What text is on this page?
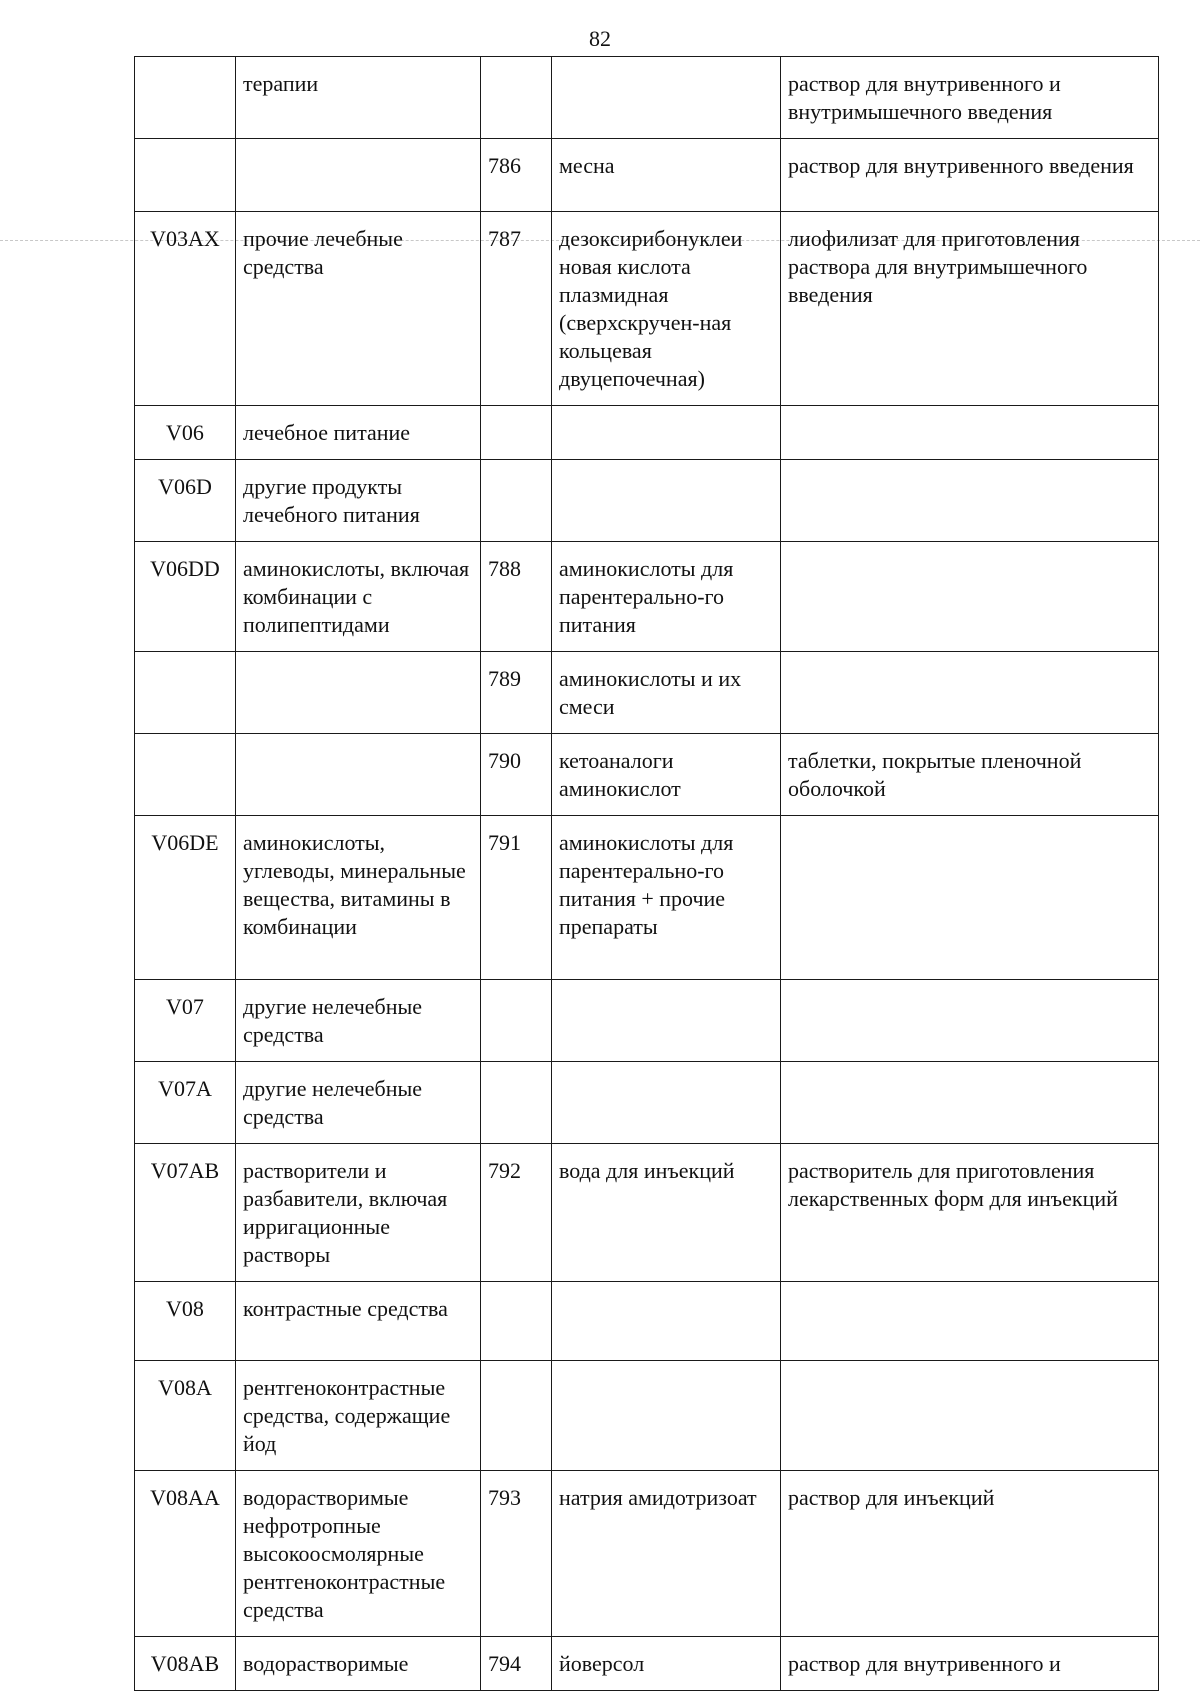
82
	терапии			раствор для внутривенного и внутримышечного введения
		786	месна	раствор для внутривенного введения
V03AX	прочие лечебные средства	787	дезоксирибонуклеи новая кислота плазмидная (сверхскручен-ная кольцевая двуцепочечная)	лиофилизат для приготовления раствора для внутримышечного введения
V06	лечебное питание			
V06D	другие продукты лечебного питания			
V06DD	аминокислоты, включая комбинации с полипептидами	788	аминокислоты для парентерально-го питания	
		789	аминокислоты и их смеси	
		790	кетоаналоги аминокислот	таблетки, покрытые пленочной оболочкой
V06DE	аминокислоты, углеводы, минеральные вещества, витамины в комбинации	791	аминокислоты для парентерально-го питания + прочие препараты	
V07	другие нелечебные средства			
V07A	другие нелечебные средства			
V07AB	растворители и разбавители, включая ирригационные растворы	792	вода для инъекций	растворитель для приготовления лекарственных форм для инъекций
V08	контрастные средства			
V08A	рентгеноконтрастные средства, содержащие йод			
V08AA	водорастворимые нефротропные высокоосмолярные рентгеноконтрастные средства	793	натрия амидотризоат	раствор для инъекций
V08AB	водорастворимые	794	йоверсол	раствор для внутривенного и
